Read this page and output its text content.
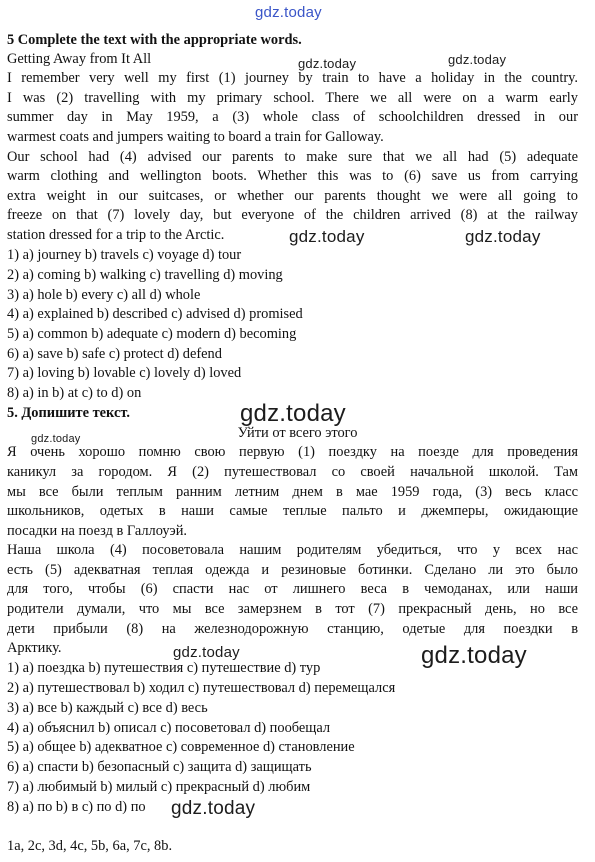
gdz.today
gdz.today	gdz.today
gdz.today	gdz.today
gdz.today
gdz.today
gdz.today
gdz.today
gdz.today
5 Complete the text with the appropriate words.
Getting Away from It All
I remember very well my first (1) journey by train to have a holiday in the country.
I was (2) travelling with my primary school. There we all were on a warm early
summer day in May 1959, a (3) whole class of schoolchildren dressed in our
warmest coats and jumpers waiting to board a train for Galloway.
Our school had (4) advised our parents to make sure that we all had (5) adequate
warm clothing and wellington boots. Whether this was to (6) save us from carrying
extra weight in our suitcases, or whether our parents thought we were all going to
freeze on that (7) lovely day, but everyone of the children arrived (8) at the railway
station dressed for a trip to the Arctic.
1) a) journey b) travels c) voyage d) tour
2) a) coming b) walking c) travelling d) moving
3) a) hole b) every c) all d) whole
4) a) explained b) described c) advised d) promised
5) a) common b) adequate c) modern d) becoming
6) a) save b) safe c) protect d) defend
7) a) loving b) lovable c) lovely d) loved
8) a) in b) at c) to d) on
5. Допишите текст.
Уйти от всего этого
Я очень хорошо помню свою первую (1) поездку на поезде для проведения
каникул за городом. Я (2) путешествовал со своей начальной школой. Там
мы все были теплым ранним летним днем в мае 1959 года, (3) весь класс
школьников, одетых в наши самые теплые пальто и джемперы, ожидающие
посадки на поезд в Галлоуэй.
Наша школа (4) посоветовала нашим родителям убедиться, что у всех нас
есть (5) адекватная теплая одежда и резиновые ботинки. Сделано ли это было
для того, чтобы (6) спасти нас от лишнего веса в чемоданах, или наши
родители думали, что мы все замерзнем в тот (7) прекрасный день, но все
дети прибыли (8) на железнодорожную станцию, одетые для поездки в
Арктику.
1) a) поездка b) путешествия c) путешествие d) тур
2) a) путешествовал b) ходил c) путешествовал d) перемещался
3) a) все b) каждый c) все d) весь
4) a) объяснил b) описал c) посоветовал d) пообещал
5) a) общее b) адекватное c) современное d) становление
6) a) спасти b) безопасный c) защита d) защищать
7) a) любимый b) милый c) прекрасный d) любим
8) a) по b) в c) по d) по
1a, 2c, 3d, 4c, 5b, 6a, 7c, 8b.
